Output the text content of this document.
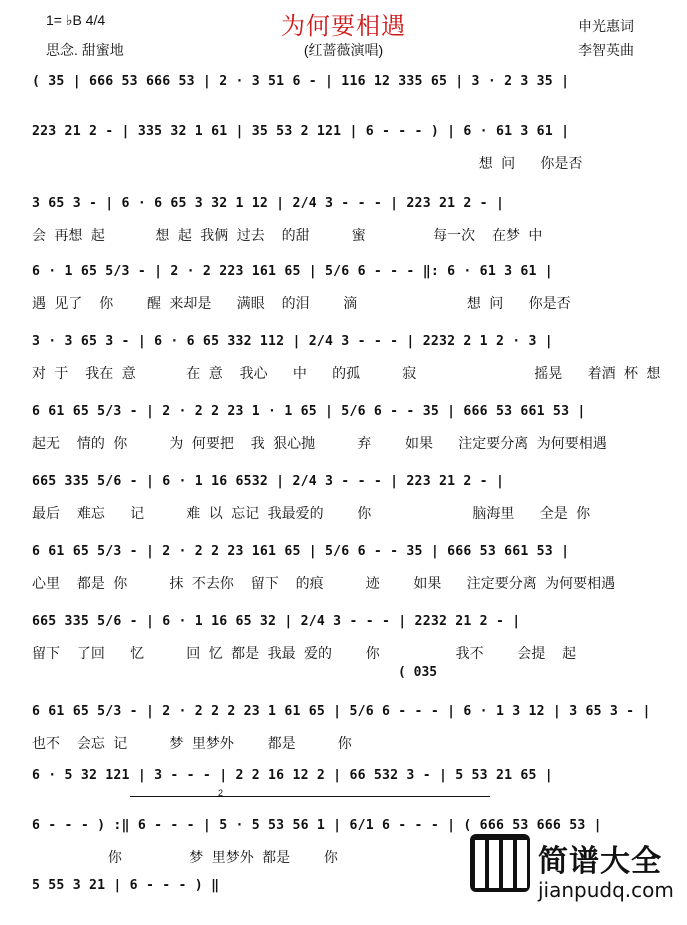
1= ♭B 4/4
思念. 甜蜜地
为何要相遇
(红蔷薇演唱)
申光惠词
李智英曲
( 35 | 666 53 666 53 | 2 · 3 51 6 - | 116 12 335 65 | 3 · 2 3 35 |
223 21 2 - | 335 32 1 61 | 35 53 2 121 | 6 - - - ) | 6 · 61 3 61 |
想 问   你是否
3 65 3 - | 6 · 6 65 3 32 1 12 | 2/4 3 - - - | 223 21 2 - |
会 再想 起      想 起 我俩 过去  的甜     蜜        每一次  在梦 中
6 · 1 65 5/3 - | 2 · 2 223 161 65 | 5/6 6 - - - ‖: 6 · 61 3 61 |
遇 见了  你    醒 来却是   满眼  的泪    滴             想 问   你是否
3 · 3 65 3 - | 6 · 6 65 332 112 | 2/4 3 - - - | 2232 2 1 2 · 3 |
对 于  我在 意      在 意  我心   中   的孤     寂              摇晃   着酒 杯 想
6 61 65 5/3 - | 2 · 2 2 23 1 · 1 65 | 5/6 6 - - 35 | 666 53 661 53 |
起无  情的 你     为 何要把  我 狠心抛     弃    如果   注定要分离 为何要相遇
665 335 5/6 - | 6 · 1 16 6532 | 2/4 3 - - - | 223 21 2 - |
最后  难忘   记     难 以 忘记 我最爱的    你            脑海里   全是 你
6 61 65 5/3 - | 2 · 2 2 23 161 65 | 5/6 6 - - 35 | 666 53 661 53 |
心里  都是 你     抹 不去你  留下  的痕     迹    如果   注定要分离 为何要相遇
665 335 5/6 - | 6 · 1 16 65 32 | 2/4 3 - - - | 2232 21 2 - |
留下  了回   忆     回 忆 都是 我最 爱的    你         我不    会提  起
6 61 65 5/3 - | 2 · 2 2 2 23 1 61 65 | 5/6 6 - - - | 6 · 1 3 12 | 3 65 3 - |
也不  会忘 记     梦 里梦外    都是     你
6 · 5 32 121 | 3 - - - | 2 2 16 12 2 | 66 532 3 - | 5 53 21 65 |
6 - - - ) :‖ 6 - - - | 5 · 5 53 56 1 | 6/1 6 - - - | ( 666 53 666 53 |
你        梦 里梦外 都是    你
5 55 3 21 | 6 - - - ) ‖
( 035
2
简谱大全
jianpudq.com
